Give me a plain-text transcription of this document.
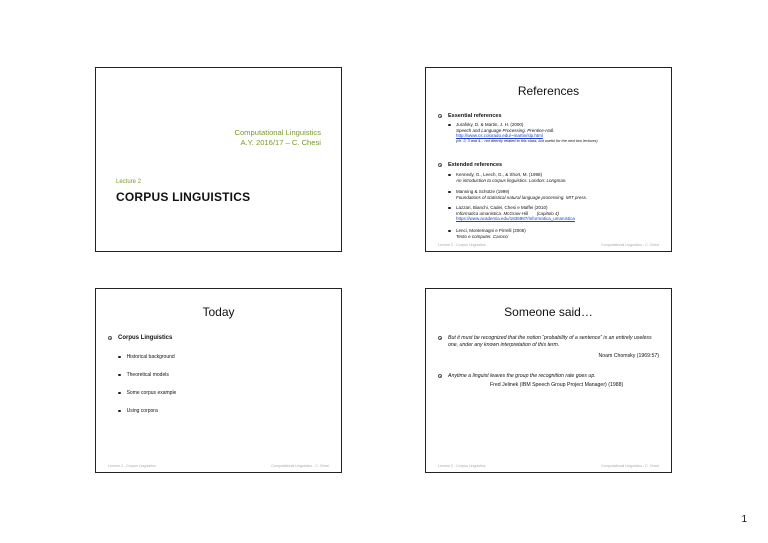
Computational Linguistics
A.Y. 2016/17 – C. Chesi
Lecture 2
CORPUS LINGUISTICS
References
Essential references
Jurafsky, D. & Martin, J. H. (2000)
Speech and Language Processing. Prentice-Hall.
http://www.cs.colorado.edu/~martin/slp.html
(ch. 2, 3 and 4... not directly related to this class, but useful for the next two lectures)
Extended references
Kennedy, G., Leech, G., & Short, M. (1998)
An introduction to corpus linguistics. London: Longman.
Manning & Schütze (1999)
Foundations of statistical natural language processing. MIT press.
Lazzari, Bianchi, Cadei, Chesi e Maffei (2010)
Informatica umanistica. McGraw-Hill       (capitolo 4)
https://www.academia.edu/1836987/Informatica_umanistica
Lenci, Montemagni e Pirrelli (2006)
Testo e computer. Carocci
Lecture 2 - Corpus Linguistics	Computational Linguistics - C. Chesi
Today
Corpus Linguistics
Historical background
Theoretical models
Some corpus example
Using corpora
Lecture 2 - Corpus Linguistics	Computational Linguistics - C. Chesi
Someone said…
But it must be recognized that the notion “probability of a sentence” is an entirely useless one, under any known interpretation of this term.
Noam Chomsky (1969:57)
Anytime a linguist leaves the group the recognition rate goes up.
Fred Jelinek (IBM Speech Group Project Manager) (1988)
Lecture 2 - Corpus Linguistics	Computational Linguistics - C. Chesi
1
